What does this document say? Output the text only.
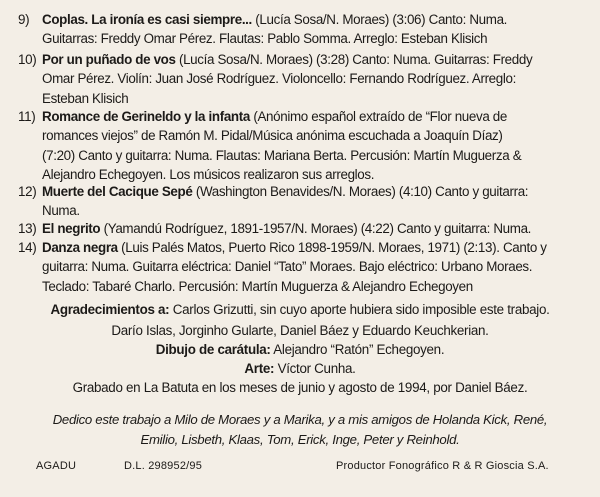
9) Coplas. La ironía es casi siempre... (Lucía Sosa/N. Moraes) (3:06) Canto: Numa.
Guitarras: Freddy Omar Pérez. Flautas: Pablo Somma. Arreglo: Esteban Klisich
10) Por un puñado de vos (Lucía Sosa/N. Moraes) (3:28) Canto: Numa. Guitarras: Freddy
Omar Pérez. Violín: Juan José Rodríguez. Violoncello: Fernando Rodríguez. Arreglo:
Esteban Klisich
11) Romance de Gerineldo y la infanta (Anónimo español extraído de “Flor nueva de
romances viejos” de Ramón M. Pidal/Música anónima escuchada a Joaquín Díaz)
(7:20) Canto y guitarra: Numa. Flautas: Mariana Berta. Percusión: Martín Muguerza &
Alejandro Echegoyen. Los músicos realizaron sus arreglos.
12) Muerte del Cacique Sepé (Washington Benavides/N. Moraes) (4:10) Canto y guitarra:
Numa.
13) El negrito (Yamandú Rodríguez, 1891-1957/N. Moraes) (4:22) Canto y guitarra: Numa.
14) Danza negra (Luis Palés Matos, Puerto Rico 1898-1959/N. Moraes, 1971) (2:13). Canto y
guitarra: Numa. Guitarra eléctrica: Daniel “Tato” Moraes. Bajo eléctrico: Urbano Moraes.
Teclado: Tabaré Charlo. Percusión: Martín Muguerza & Alejandro Echegoyen
Agradecimientos a: Carlos Grizutti, sin cuyo aporte hubiera sido imposible este trabajo.
Darío Islas, Jorginho Gularte, Daniel Báez y Eduardo Keuchkerian.
Dibujo de carátula: Alejandro “Ratón” Echegoyen.
Arte: Víctor Cunha.
Grabado en La Batuta en los meses de junio y agosto de 1994, por Daniel Báez.
Dedico este trabajo a Milo de Moraes y a Marika, y a mis amigos de Holanda Kick, René,
Emilio, Lisbeth, Klaas, Tom, Erick, Inge, Peter y Reinhold.
AGADU	D.L. 298952/95	Productor Fonográfico R & R Gioscia S.A.
